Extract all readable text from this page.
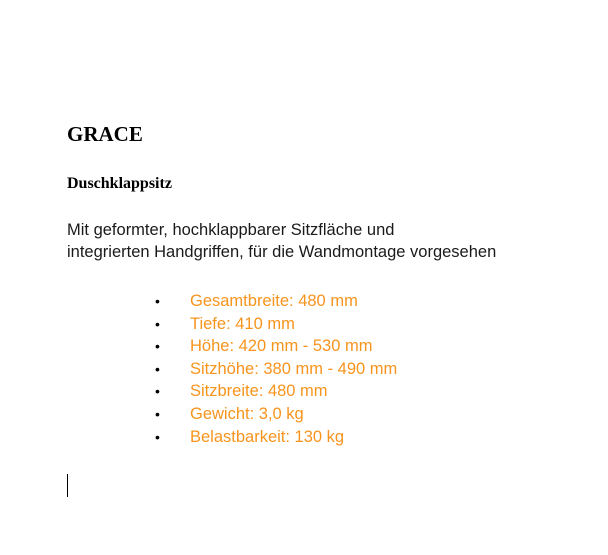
GRACE
Duschklappsitz

Mit geformter, hochklappbarer Sitzfläche und
integrierten Handgriffen, für die Wandmontage vorgesehen

• Gesamtbreite: 480 mm
• Tiefe: 410 mm
• Höhe: 420 mm - 530 mm
• Sitzhöhe: 380 mm - 490 mm
• Sitzbreite: 480 mm
• Gewicht: 3,0 kg
• Belastbarkeit: 130 kg
